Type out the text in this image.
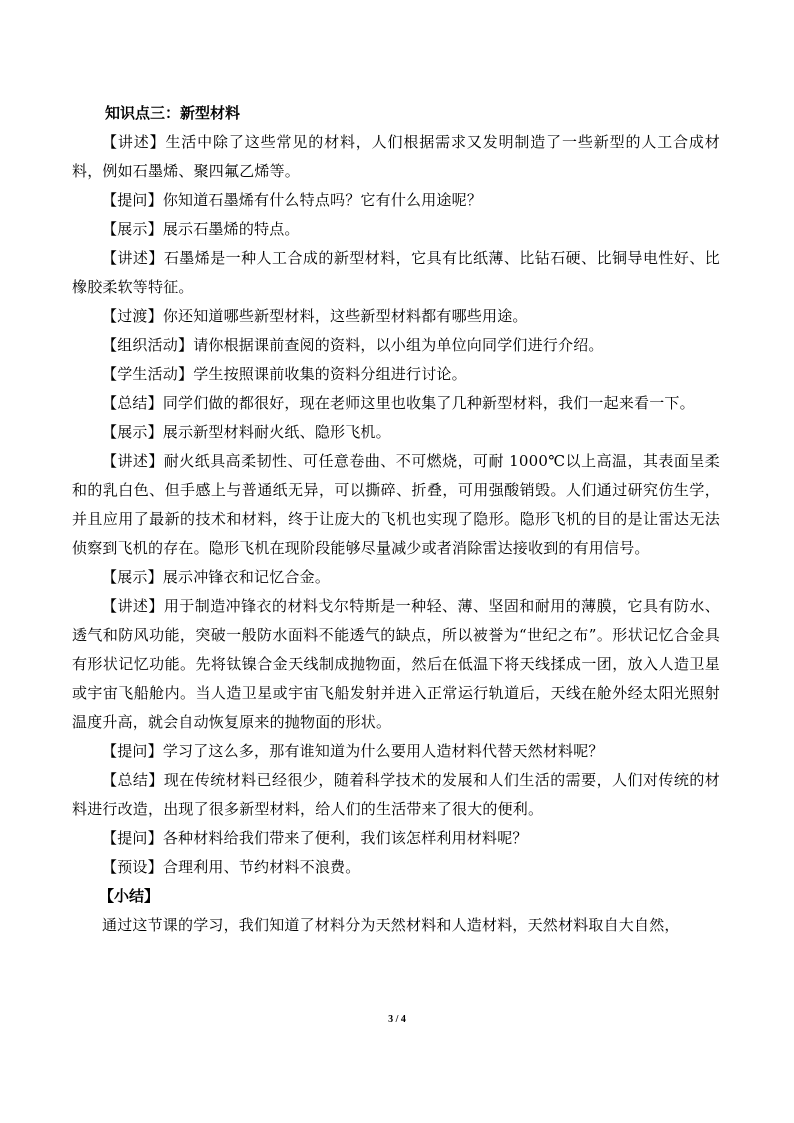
知识点三：新型材料

【讲述】生活中除了这些常见的材料，人们根据需求又发明制造了一些新型的人工合成材料，例如石墨烯、聚四氟乙烯等。

【提问】你知道石墨烯有什么特点吗？它有什么用途呢？

【展示】展示石墨烯的特点。

【讲述】石墨烯是一种人工合成的新型材料，它具有比纸薄、比钻石硬、比铜导电性好、比橡胶柔软等特征。

【过渡】你还知道哪些新型材料，这些新型材料都有哪些用途。

【组织活动】请你根据课前查阅的资料，以小组为单位向同学们进行介绍。

【学生活动】学生按照课前收集的资料分组进行讨论。

【总结】同学们做的都很好，现在老师这里也收集了几种新型材料，我们一起来看一下。

【展示】展示新型材料耐火纸、隐形飞机。

【讲述】耐火纸具高柔韧性、可任意卷曲、不可燃烧，可耐 1000℃以上高温，其表面呈柔和的乳白色、但手感上与普通纸无异，可以撕碎、折叠，可用强酸销毁。人们通过研究仿生学，并且应用了最新的技术和材料，终于让庞大的飞机也实现了隐形。隐形飞机的目的是让雷达无法侦察到飞机的存在。隐形飞机在现阶段能够尽量减少或者消除雷达接收到的有用信号。

【展示】展示冲锋衣和记忆合金。

【讲述】用于制造冲锋衣的材料戈尔特斯是一种轻、薄、坚固和耐用的薄膜，它具有防水、透气和防风功能，突破一般防水面料不能透气的缺点，所以被誉为“世纪之布”。形状记忆合金具有形状记忆功能。先将钛镍合金天线制成抛物面，然后在低温下将天线揉成一团，放入人造卫星或宇宙飞船舱内。当人造卫星或宇宙飞船发射并进入正常运行轨道后，天线在舱外经太阳光照射温度升高，就会自动恢复原来的抛物面的形状。

【提问】学习了这么多，那有谁知道为什么要用人造材料代替天然材料呢？

【总结】现在传统材料已经很少，随着科学技术的发展和人们生活的需要，人们对传统的材料进行改造，出现了很多新型材料，给人们的生活带来了很大的便利。

【提问】各种材料给我们带来了便利，我们该怎样利用材料呢？

【预设】合理利用、节约材料不浪费。

【小结】

通过这节课的学习，我们知道了材料分为天然材料和人造材料，天然材料取自大自然，

3 / 4
